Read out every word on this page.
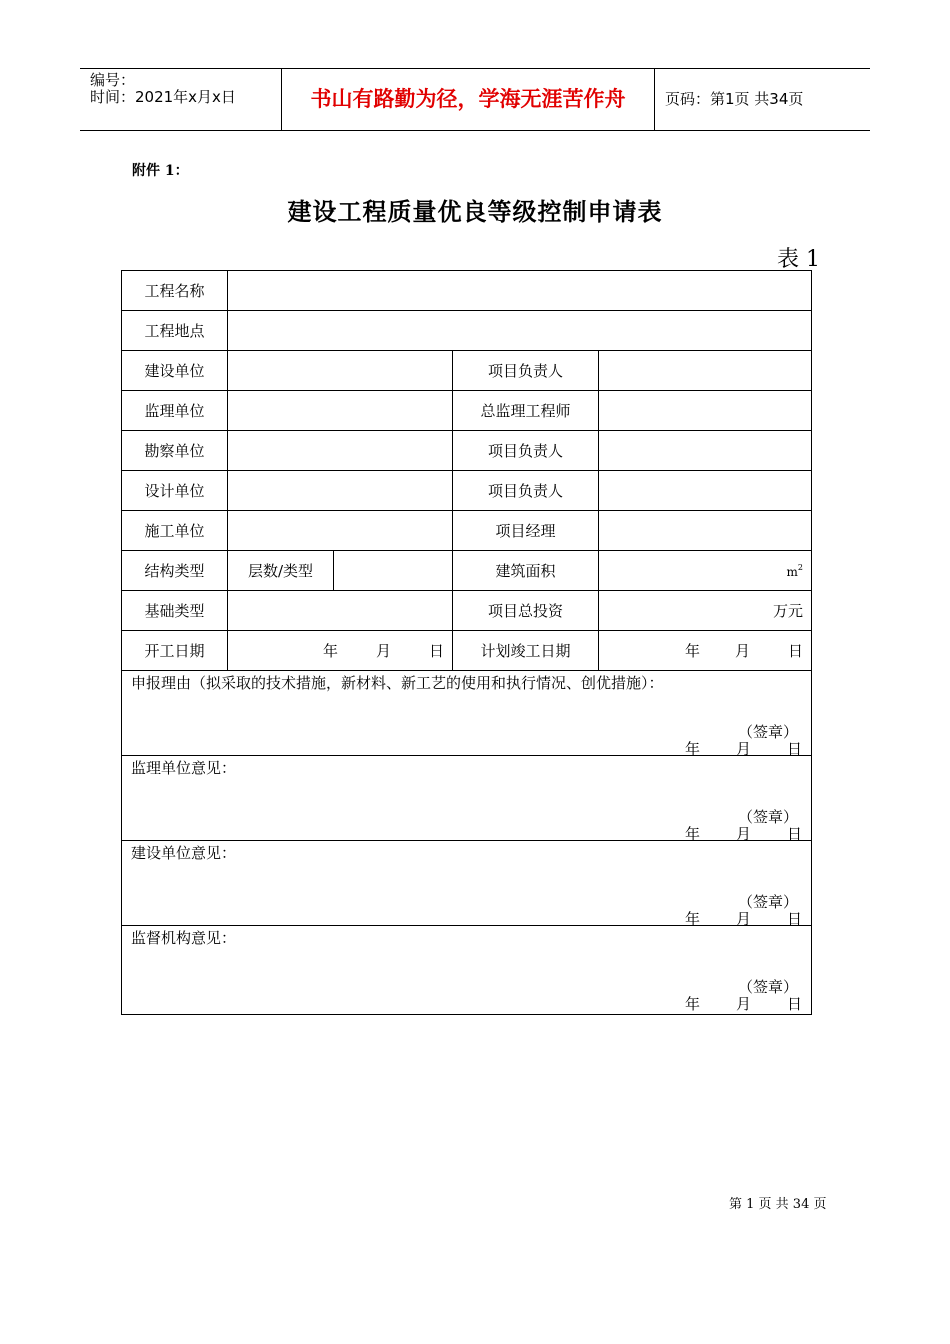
编号：
时间：2021年x月x日	书山有路勤为径，学海无涯苦作舟	页码：第1页 共34页
附件 1：
建设工程质量优良等级控制申请表
表 1
工程名称				
工程地点				
建设单位			项目负责人	
监理单位			总监理工程师	
勘察单位			项目负责人	
设计单位			项目负责人	
施工单位			项目经理	
结构类型	层数/类型		建筑面积	$m^2$
基础类型			项目总投资	万元
开工日期	年 月 日		计划竣工日期	年 月 日

申报理由（拟采取的技术措施，新材料、新工艺的使用和执行情况、创优措施）：
（签章）
年 月 日				

监理单位意见：
（签章）
年 月 日				

建设单位意见：
（签章）
年 月 日				

监督机构意见：
（签章）
年 月 日				
第 1 页 共 34 页
